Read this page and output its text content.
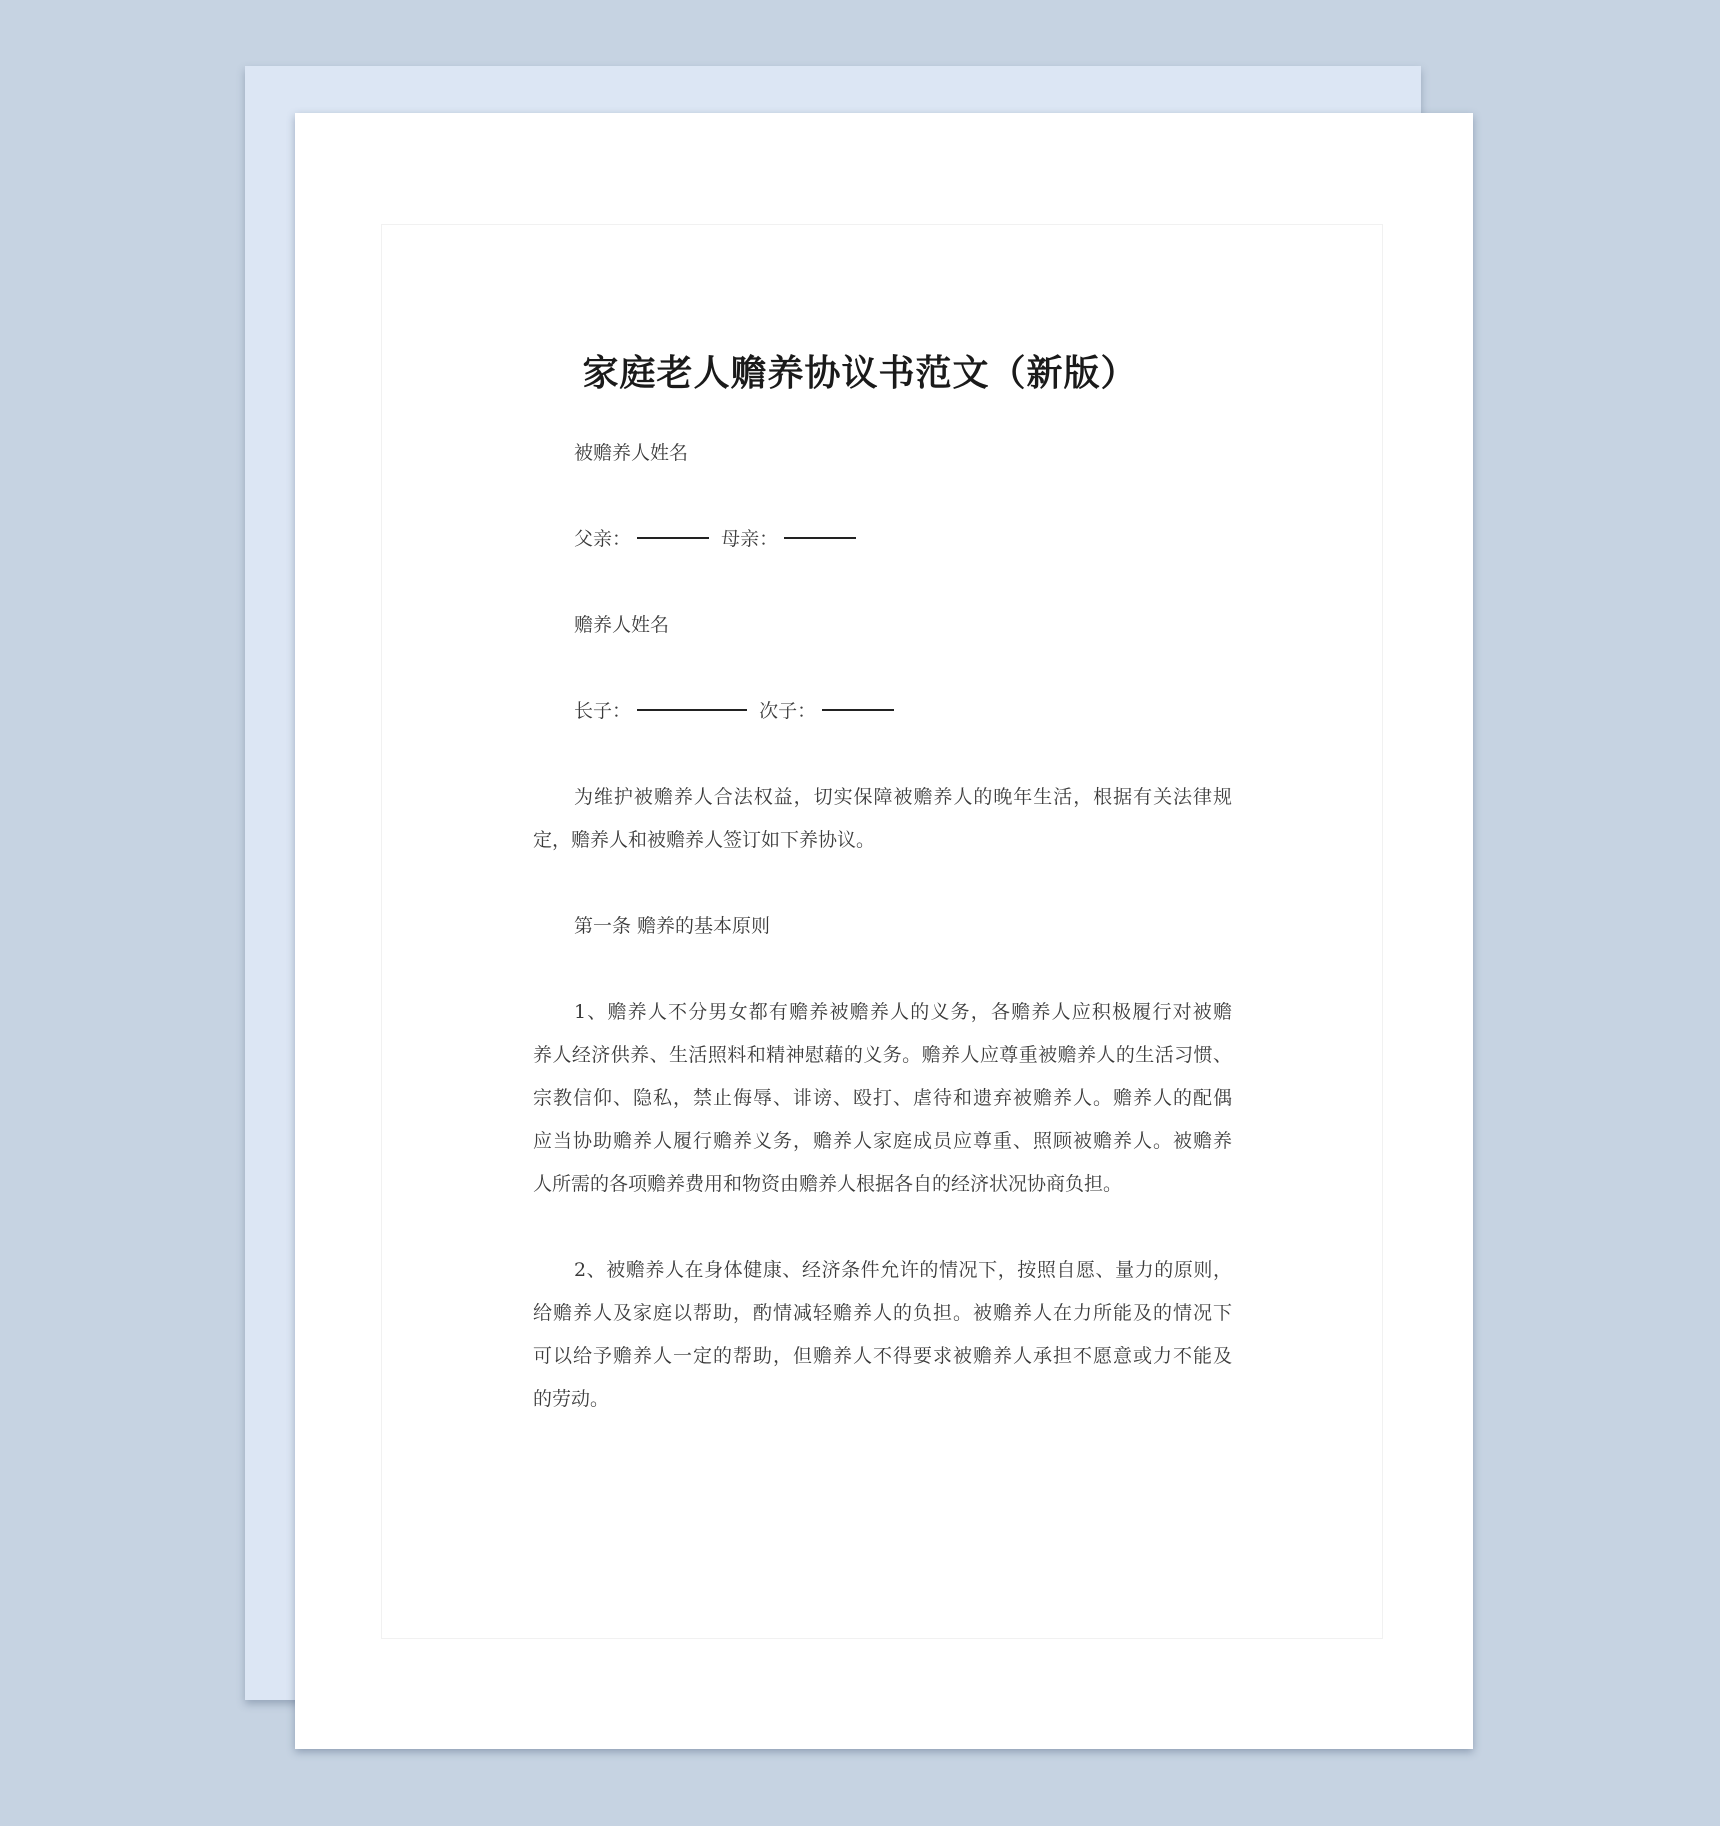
家庭老人赡养协议书范文（新版）
被赡养人姓名
父亲：	母亲：
赡养人姓名
长子：	次子：
为维护被赡养人合法权益，切实保障被赡养人的晚年生活，根据有关法律规
定，赡养人和被赡养人签订如下养协议。
第一条 赡养的基本原则
1、赡养人不分男女都有赡养被赡养人的义务，各赡养人应积极履行对被赡
养人经济供养、生活照料和精神慰藉的义务。赡养人应尊重被赡养人的生活习惯、
宗教信仰、隐私，禁止侮辱、诽谤、殴打、虐待和遗弃被赡养人。赡养人的配偶
应当协助赡养人履行赡养义务，赡养人家庭成员应尊重、照顾被赡养人。被赡养
人所需的各项赡养费用和物资由赡养人根据各自的经济状况协商负担。
2、被赡养人在身体健康、经济条件允许的情况下，按照自愿、量力的原则，
给赡养人及家庭以帮助，酌情减轻赡养人的负担。被赡养人在力所能及的情况下
可以给予赡养人一定的帮助，但赡养人不得要求被赡养人承担不愿意或力不能及
的劳动。
